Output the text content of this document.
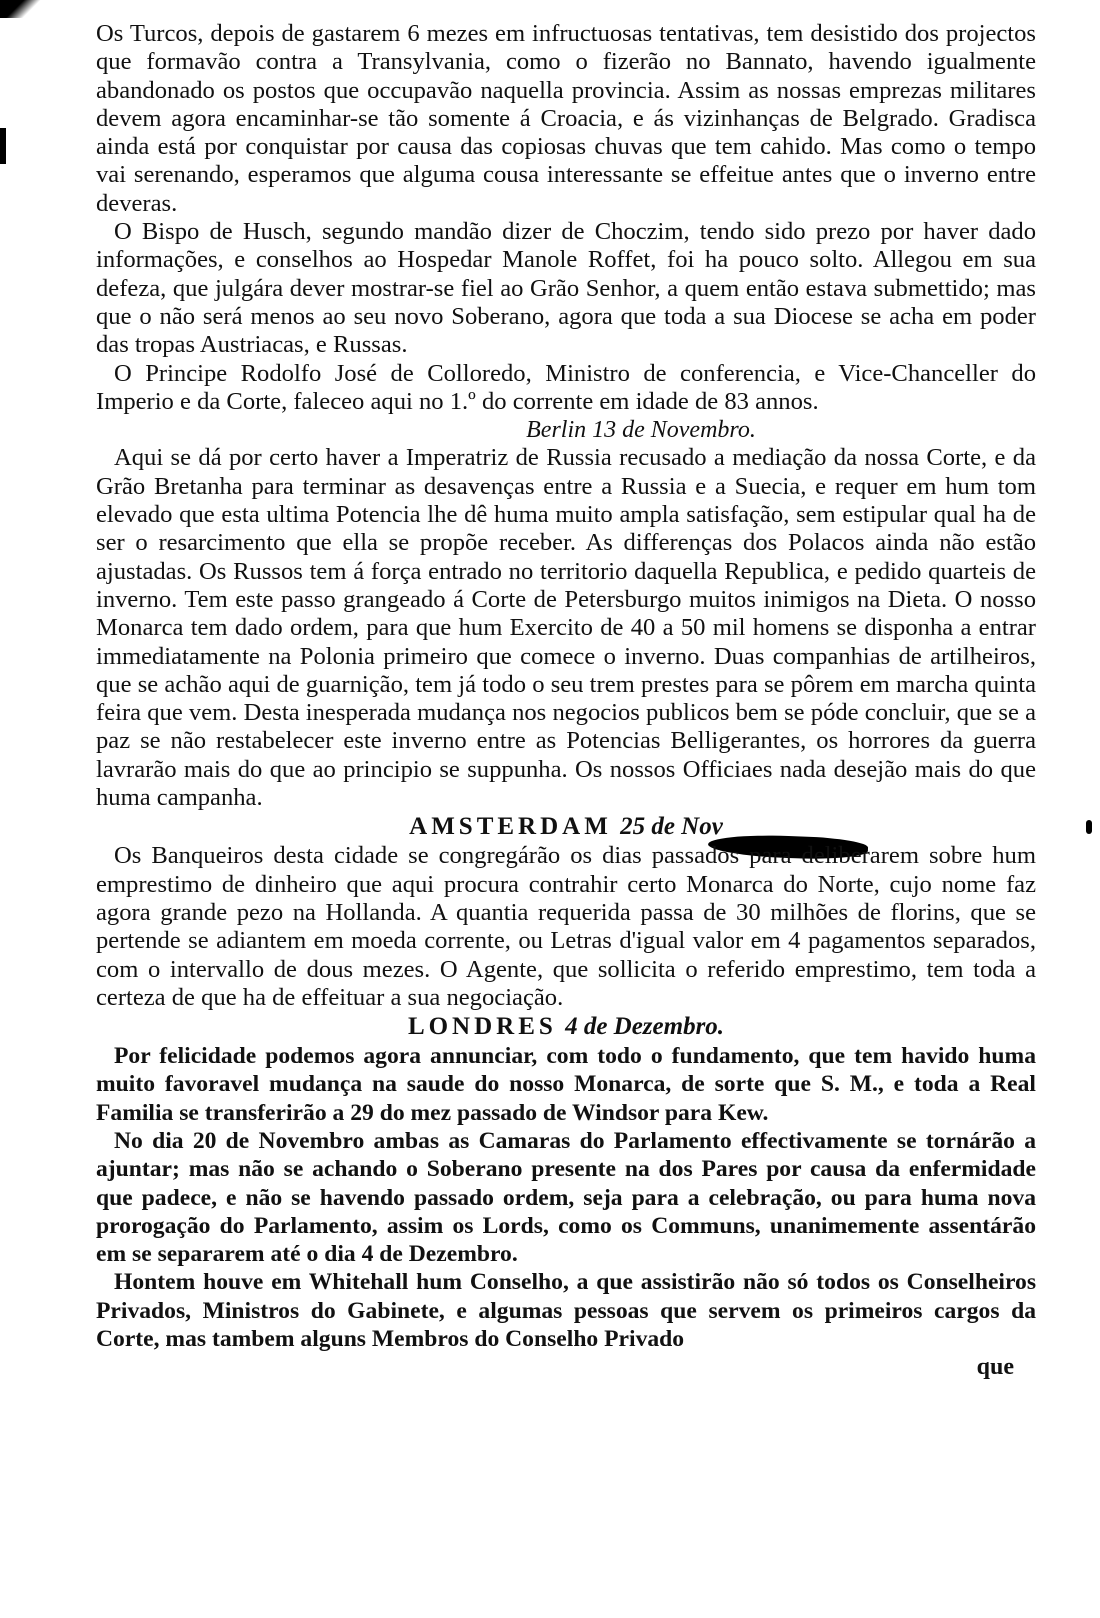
Os Turcos, depois de gastarem 6 mezes em infructuosas tentativas, tem desistido dos projectos que formavão contra a Transylvania, como o fizerão no Bannato, havendo igualmente abandonado os postos que occupavão naquella provincia. Assim as nossas emprezas militares devem agora encaminhar-se tão somente á Croacia, e ás vizinhanças de Belgrado. Gradisca ainda está por conquistar por causa das copiosas chuvas que tem cahido. Mas como o tempo vai serenando, esperamos que alguma cousa interessante se effeitue antes que o inverno entre deveras.

O Bispo de Husch, segundo mandão dizer de Choczim, tendo sido prezo por haver dado informações, e conselhos ao Hospedar Manole Roffet, foi ha pouco solto. Allegou em sua defeza, que julgára dever mostrar-se fiel ao Grão Senhor, a quem então estava submettido; mas que o não será menos ao seu novo Soberano, agora que toda a sua Diocese se acha em poder das tropas Austriacas, e Russas.

O Principe Rodolfo José de Colloredo, Ministro de conferencia, e Vice-Chanceller do Imperio e da Corte, faleceo aqui no 1.º do corrente em idade de 83 annos.

Berlin 13 de Novembro.

Aqui se dá por certo haver a Imperatriz de Russia recusado a mediação da nossa Corte, e da Grão Bretanha para terminar as desavenças entre a Russia e a Suecia, e requer em hum tom elevado que esta ultima Potencia lhe dê huma muito ampla satisfação, sem estipular qual ha de ser o resarcimento que ella se propõe receber. As differenças dos Polacos ainda não estão ajustadas. Os Russos tem á força entrado no territorio daquella Republica, e pedido quarteis de inverno. Tem este passo grangeado á Corte de Petersburgo muitos inimigos na Dieta. O nosso Monarca tem dado ordem, para que hum Exercito de 40 a 50 mil homens se disponha a entrar immediatamente na Polonia primeiro que comece o inverno. Duas companhias de artilheiros, que se achão aqui de guarnição, tem já todo o seu trem prestes para se pôrem em marcha quinta feira que vem. Desta inesperada mudança nos negocios publicos bem se póde concluir, que se a paz se não restabelecer este inverno entre as Potencias Belligerantes, os horrores da guerra lavrarão mais do que ao principio se suppunha. Os nossos Officiaes nada desejão mais do que huma campanha.

AMSTERDAM 25 de Nov

Os Banqueiros desta cidade se congregárão os dias passados para deliberarem sobre hum emprestimo de dinheiro que aqui procura contrahir certo Monarca do Norte, cujo nome faz agora grande pezo na Hollanda. A quantia requerida passa de 30 milhões de florins, que se pertende se adiantem em moeda corrente, ou Letras d'igual valor em 4 pagamentos separados, com o intervallo de dous mezes. O Agente, que sollicita o referido emprestimo, tem toda a certeza de que ha de effeituar a sua negociação.

LONDRES 4 de Dezembro.

Por felicidade podemos agora annunciar, com todo o fundamento, que tem havido huma muito favoravel mudança na saude do nosso Monarca, de sorte que S. M., e toda a Real Familia se transferirão a 29 do mez passado de Windsor para Kew.

No dia 20 de Novembro ambas as Camaras do Parlamento effectivamente se tornárão a ajuntar; mas não se achando o Soberano presente na dos Pares por causa da enfermidade que padece, e não se havendo passado ordem, seja para a celebração, ou para huma nova prorogação do Parlamento, assim os Lords, como os Communs, unanimemente assentárão em se separarem até o dia 4 de Dezembro.

Hontem houve em Whitehall hum Conselho, a que assistirão não só todos os Conselheiros Privados, Ministros do Gabinete, e algumas pessoas que servem os primeiros cargos da Corte, mas tambem alguns Membros do Conselho Privado

que
